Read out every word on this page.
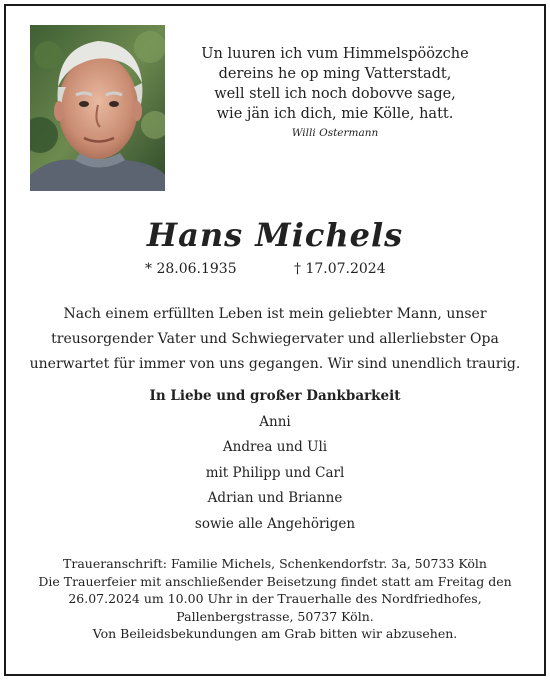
Un luuren ich vum Himmelspöözche
dereins he op ming Vatterstadt,
well stell ich noch dobovve sage,
wie jän ich dich, mie Kölle, hatt.
Willi Ostermann
Hans Michels
* 28.06.1935	† 17.07.2024
Nach einem erfüllten Leben ist mein geliebter Mann, unser
treusorgender Vater und Schwiegervater und allerliebster Opa
unerwartet für immer von uns gegangen. Wir sind unendlich traurig.
In Liebe und großer Dankbarkeit
Anni
Andrea und Uli
mit Philipp und Carl
Adrian und Brianne
sowie alle Angehörigen
Traueranschrift: Familie Michels, Schenkendorfstr. 3a, 50733 Köln
Die Trauerfeier mit anschließender Beisetzung findet statt am Freitag den
26.07.2024 um 10.00 Uhr in der Trauerhalle des Nordfriedhofes,
Pallenbergstrasse, 50737 Köln.
Von Beileidsbekundungen am Grab bitten wir abzusehen.
